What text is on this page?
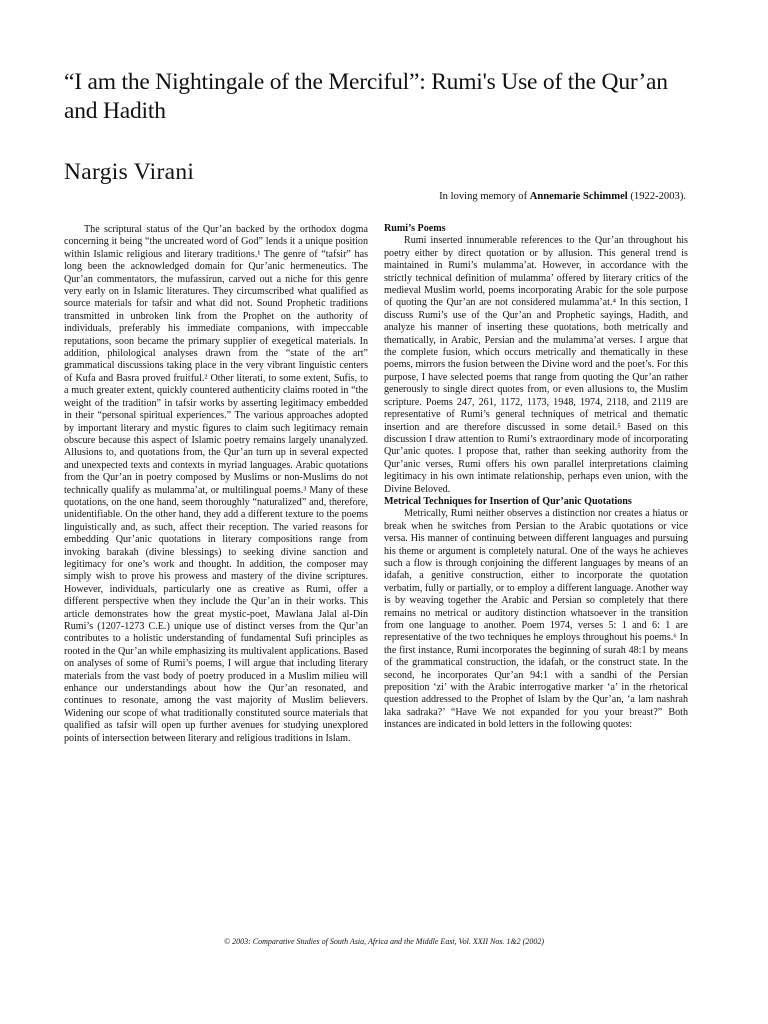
“I am the Nightingale of the Merciful”: Rumi's Use of the Qur’an and Hadith
Nargis Virani
In loving memory of Annemarie Schimmel (1922-2003).

The scriptural status of the Qur’an backed by the orthodox dogma concerning it being “the uncreated word of God” lends it a unique position within Islamic religious and literary traditions.¹ The genre of “tafsir” has long been the acknowledged domain for Qur’anic hermeneutics. The Qur’an commentators, the mufassirun, carved out a niche for this genre very early on in Islamic literatures. They circumscribed what qualified as source materials for tafsir and what did not. Sound Prophetic traditions transmitted in unbroken link from the Prophet on the authority of individuals, preferably his immediate companions, with impeccable reputations, soon became the primary supplier of exegetical materials. In addition, philological analyses drawn from the “state of the art” grammatical discussions taking place in the very vibrant linguistic centers of Kufa and Basra proved fruitful.² Other literati, to some extent, Sufis, to a much greater extent, quickly countered authenticity claims rooted in “the weight of the tradition” in tafsir works by asserting legitimacy embedded in their “personal spiritual experiences.” The various approaches adopted by important literary and mystic figures to claim such legitimacy remain obscure because this aspect of Islamic poetry remains largely unanalyzed. Allusions to, and quotations from, the Qur’an turn up in several expected and unexpected texts and contexts in myriad languages. Arabic quotations from the Qur’an in poetry composed by Muslims or non-Muslims do not technically qualify as mulamma’at, or multilingual poems.³ Many of these quotations, on the one hand, seem thoroughly “naturalized” and, therefore, unidentifiable. On the other hand, they add a different texture to the poems linguistically and, as such, affect their reception. The varied reasons for embedding Qur’anic quotations in literary compositions range from invoking barakah (divine blessings) to seeking divine sanction and legitimacy for one’s work and thought. In addition, the composer may simply wish to prove his prowess and mastery of the divine scriptures. However, individuals, particularly one as creative as Rumi, offer a different perspective when they include the Qur’an in their works. This article demonstrates how the great mystic-poet, Mawlana Jalal al-Din Rumi’s (1207-1273 C.E.) unique use of distinct verses from the Qur’an contributes to a holistic understanding of fundamental Sufi principles as rooted in the Qur’an while emphasizing its multivalent applications. Based on analyses of some of Rumi’s poems, I will argue that including literary materials from the vast body of poetry produced in a Muslim milieu will enhance our understandings about how the Qur’an resonated, and continues to resonate, among the vast majority of Muslim believers. Widening our scope of what traditionally constituted source materials that qualified as tafsir will open up further avenues for studying unexplored points of intersection between literary and religious traditions in Islam.

Rumi’s Poems

Rumi inserted innumerable references to the Qur’an throughout his poetry either by direct quotation or by allusion. This general trend is maintained in Rumi’s mulamma’at. However, in accordance with the strictly technical definition of mulamma’ offered by literary critics of the medieval Muslim world, poems incorporating Arabic for the sole purpose of quoting the Qur’an are not considered mulamma’at.⁴ In this section, I discuss Rumi’s use of the Qur’an and Prophetic sayings, Hadith, and analyze his manner of inserting these quotations, both metrically and thematically, in Arabic, Persian and the mulamma’at verses. I argue that the complete fusion, which occurs metrically and thematically in these poems, mirrors the fusion between the Divine word and the poet’s. For this purpose, I have selected poems that range from quoting the Qur’an rather generously to single direct quotes from, or even allusions to, the Muslim scripture. Poems 247, 261, 1172, 1173, 1948, 1974, 2118, and 2119 are representative of Rumi’s general techniques of metrical and thematic insertion and are therefore discussed in some detail.⁵ Based on this discussion I draw attention to Rumi’s extraordinary mode of incorporating Qur’anic quotes. I propose that, rather than seeking authority from the Qur’anic verses, Rumi offers his own parallel interpretations claiming legitimacy in his own intimate relationship, perhaps even union, with the Divine Beloved.

Metrical Techniques for Insertion of Qur’anic Quotations

Metrically, Rumi neither observes a distinction nor creates a hiatus or break when he switches from Persian to the Arabic quotations or vice versa. His manner of continuing between different languages and pursuing his theme or argument is completely natural. One of the ways he achieves such a flow is through conjoining the different languages by means of an idafah, a genitive construction, either to incorporate the quotation verbatim, fully or partially, or to employ a different language. Another way is by weaving together the Arabic and Persian so completely that there remains no metrical or auditory distinction whatsoever in the transition from one language to another. Poem 1974, verses 5: 1 and 6: 1 are representative of the two techniques he employs throughout his poems.⁶ In the first instance, Rumi incorporates the beginning of surah 48:1 by means of the grammatical construction, the idafah, or the construct state. In the second, he incorporates Qur’an 94:1 with a sandhi of the Persian preposition ‘zi’ with the Arabic interrogative marker ‘a’ in the rhetorical question addressed to the Prophet of Islam by the Qur’an, ‘a lam nashrah laka sadraka?’ “Have We not expanded for you your breast?” Both instances are indicated in bold letters in the following quotes:

© 2003: Comparative Studies of South Asia, Africa and the Middle East, Vol. XXII Nos. 1&2 (2002)
